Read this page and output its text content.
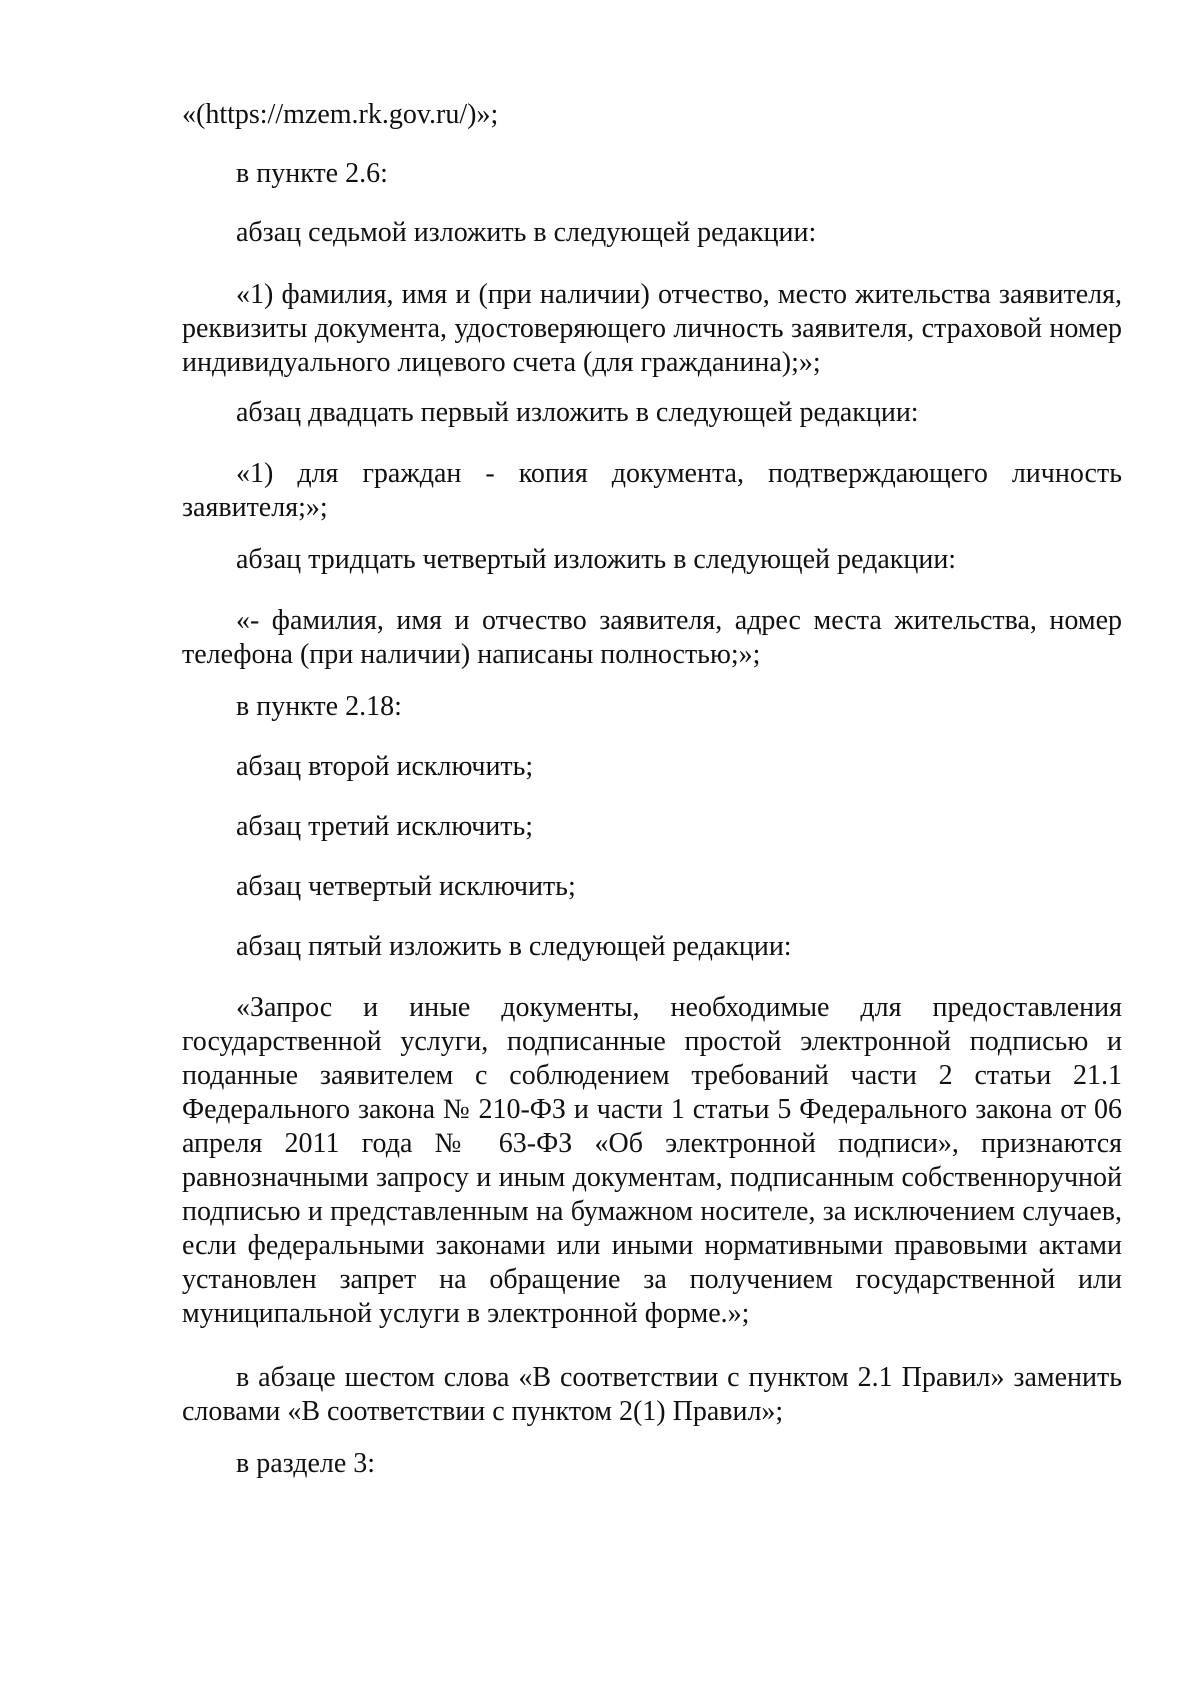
«(https://mzem.rk.gov.ru/)»;

в пункте 2.6:

абзац седьмой изложить в следующей редакции:

«1) фамилия, имя и (при наличии) отчество, место жительства заявителя, реквизиты документа, удостоверяющего личность заявителя, страховой номер индивидуального лицевого счета (для гражданина);»;

абзац двадцать первый изложить в следующей редакции:

«1) для граждан - копия документа, подтверждающего личность заявителя;»;

абзац тридцать четвертый изложить в следующей редакции:

«- фамилия, имя и отчество заявителя, адрес места жительства, номер телефона (при наличии) написаны полностью;»;

в пункте 2.18:

абзац второй исключить;

абзац третий исключить;

абзац четвертый исключить;

абзац пятый изложить в следующей редакции:

«Запрос и иные документы, необходимые для предоставления государственной услуги, подписанные простой электронной подписью и поданные заявителем с соблюдением требований части 2 статьи 21.1 Федерального закона № 210-ФЗ и части 1 статьи 5 Федерального закона от 06 апреля 2011 года № 63-ФЗ «Об электронной подписи», признаются равнозначными запросу и иным документам, подписанным собственноручной подписью и представленным на бумажном носителе, за исключением случаев, если федеральными законами или иными нормативными правовыми актами установлен запрет на обращение за получением государственной или муниципальной услуги в электронной форме.»;

в абзаце шестом слова «В соответствии с пунктом 2.1 Правил» заменить словами «В соответствии с пунктом 2(1) Правил»;

в разделе 3:
